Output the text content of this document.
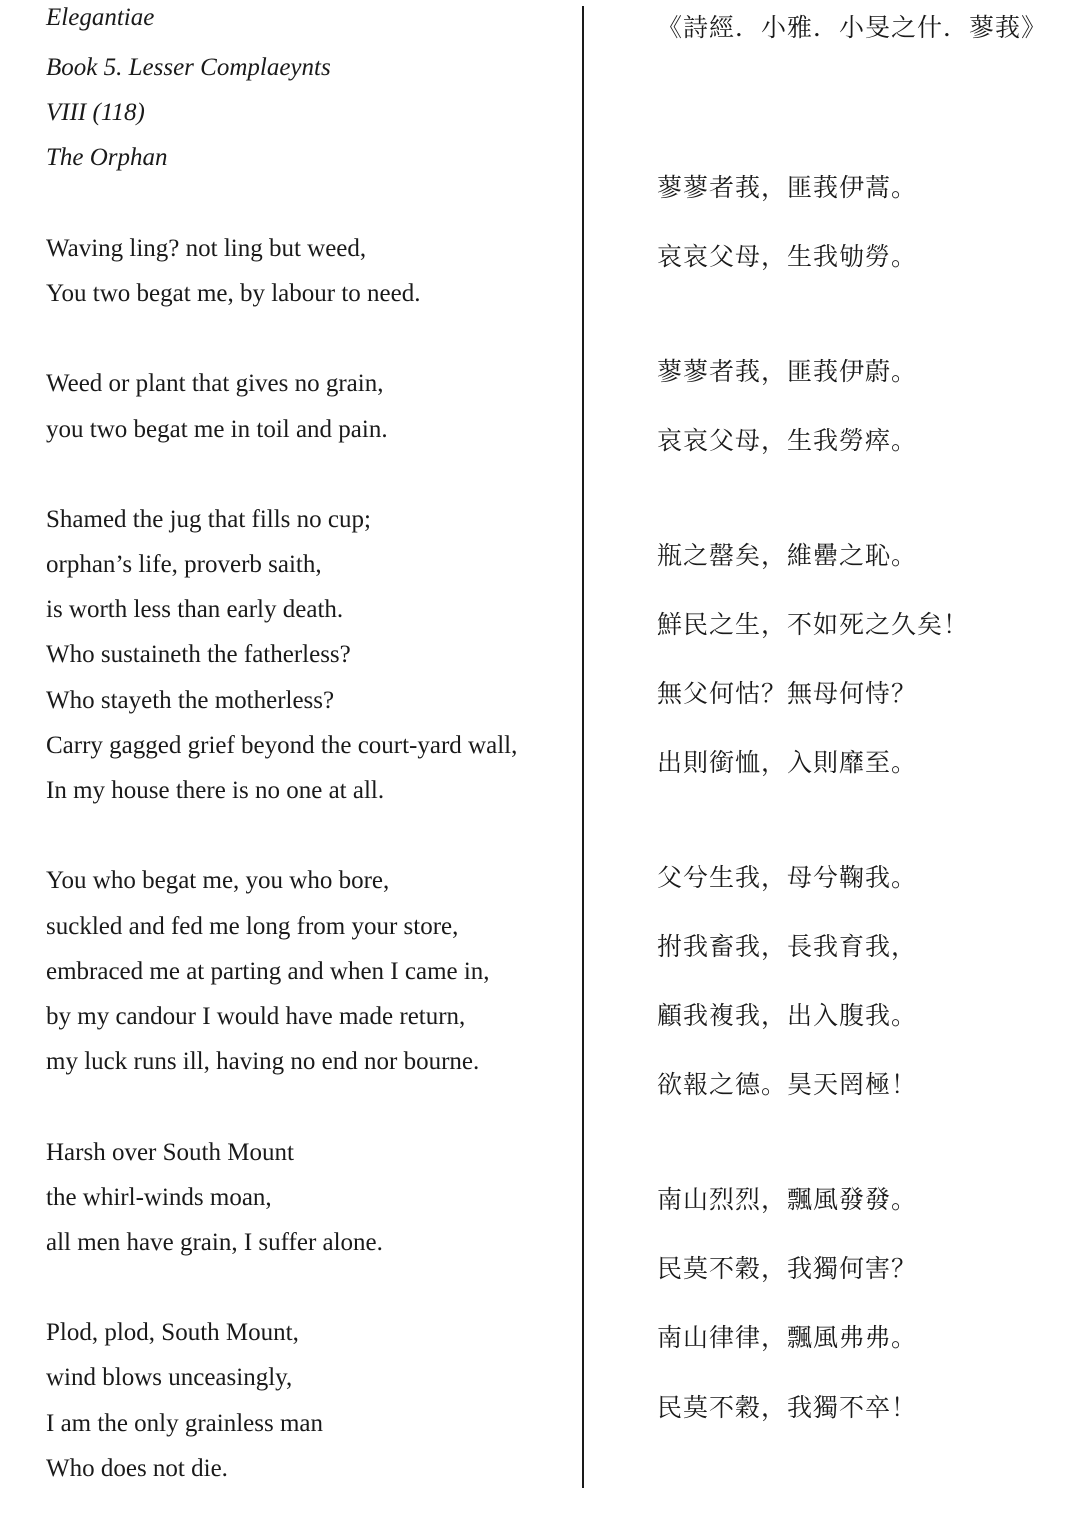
Elegantiae
Book 5. Lesser Complaeynts
VIII (118)
The Orphan
Waving ling? not ling but weed,
You two begat me, by labour to need.
Weed or plant that gives no grain,
you two begat me in toil and pain.
Shamed the jug that fills no cup;
orphan’s life, proverb saith,
is worth less than early death.
Who sustaineth the fatherless?
Who stayeth the motherless?
Carry gagged grief beyond the court-yard wall,
In my house there is no one at all.
You who begat me, you who bore,
suckled and fed me long from your store,
embraced me at parting and when I came in,
by my candour I would have made return,
my luck runs ill, having no end nor bourne.
Harsh over South Mount
the whirl-winds moan,
all men have grain, I suffer alone.
Plod, plod, South Mount,
wind blows unceasingly,
I am the only grainless man
Who does not die.
《詩經．小雅．小旻之什．蓼莪》
蓼蓼者莪，匪莪伊蒿。
哀哀父母，生我劬勞。
蓼蓼者莪，匪莪伊蔚。
哀哀父母，生我勞瘁。
瓶之罄矣，維罍之恥。
鮮民之生，不如死之久矣！
無父何怙？無母何恃？
出則銜恤，入則靡至。
父兮生我，母兮鞠我。
拊我畜我，長我育我，
顧我複我，出入腹我。
欲報之德。昊天罔極！
南山烈烈，飄風發發。
民莫不穀，我獨何害？
南山律律，飄風弗弗。
民莫不穀，我獨不卒！
